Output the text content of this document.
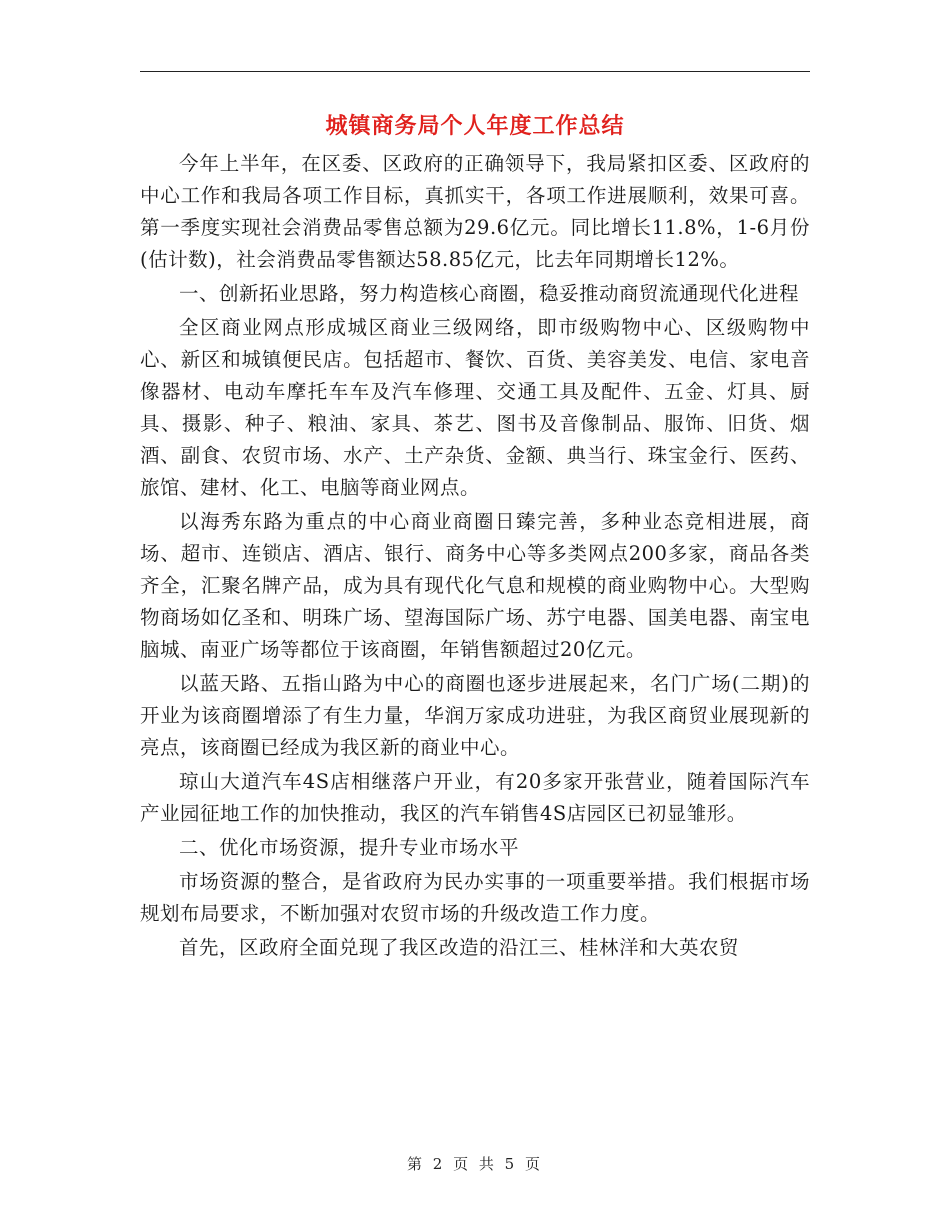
城镇商务局个人年度工作总结

今年上半年，在区委、区政府的正确领导下，我局紧扣区委、区政府的中心工作和我局各项工作目标，真抓实干，各项工作进展顺利，效果可喜。第一季度实现社会消费品零售总额为29.6亿元。同比增长11.8%，1-6月份(估计数)，社会消费品零售额达58.85亿元，比去年同期增长12%。

一、创新拓业思路，努力构造核心商圈，稳妥推动商贸流通现代化进程

全区商业网点形成城区商业三级网络，即市级购物中心、区级购物中心、新区和城镇便民店。包括超市、餐饮、百货、美容美发、电信、家电音像器材、电动车摩托车车及汽车修理、交通工具及配件、五金、灯具、厨具、摄影、种子、粮油、家具、茶艺、图书及音像制品、服饰、旧货、烟酒、副食、农贸市场、水产、土产杂货、金额、典当行、珠宝金行、医药、旅馆、建材、化工、电脑等商业网点。

以海秀东路为重点的中心商业商圈日臻完善，多种业态竞相进展，商场、超市、连锁店、酒店、银行、商务中心等多类网点200多家，商品各类齐全，汇聚名牌产品，成为具有现代化气息和规模的商业购物中心。大型购物商场如亿圣和、明珠广场、望海国际广场、苏宁电器、国美电器、南宝电脑城、南亚广场等都位于该商圈，年销售额超过20亿元。

以蓝天路、五指山路为中心的商圈也逐步进展起来，名门广场(二期)的开业为该商圈增添了有生力量，华润万家成功进驻，为我区商贸业展现新的亮点，该商圈已经成为我区新的商业中心。

琼山大道汽车4S店相继落户开业，有20多家开张营业，随着国际汽车产业园征地工作的加快推动，我区的汽车销售4S店园区已初显雏形。

二、优化市场资源，提升专业市场水平

市场资源的整合，是省政府为民办实事的一项重要举措。我们根据市场规划布局要求，不断加强对农贸市场的升级改造工作力度。

首先，区政府全面兑现了我区改造的沿江三、桂林洋和大英农贸

第 2 页 共 5 页
